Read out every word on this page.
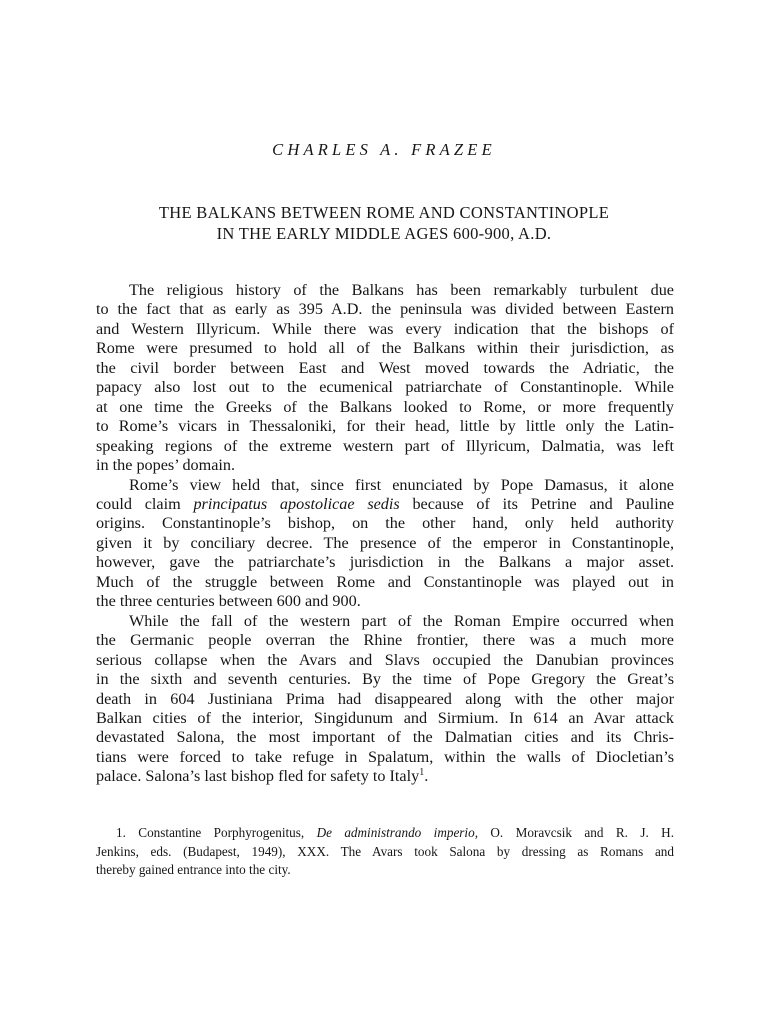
CHARLES A. FRAZEE
THE BALKANS BETWEEN ROME AND CONSTANTINOPLE
IN THE EARLY MIDDLE AGES 600-900, A.D.

The religious history of the Balkans has been remarkably turbulent due
to the fact that as early as 395 A.D. the peninsula was divided between Eastern
and Western Illyricum. While there was every indication that the bishops of
Rome were presumed to hold all of the Balkans within their jurisdiction, as
the civil border between East and West moved towards the Adriatic, the
papacy also lost out to the ecumenical patriarchate of Constantinople. While
at one time the Greeks of the Balkans looked to Rome, or more frequently
to Rome’s vicars in Thessaloniki, for their head, little by little only the Latin-
speaking regions of the extreme western part of Illyricum, Dalmatia, was left
in the popes’ domain.

Rome’s view held that, since first enunciated by Pope Damasus, it alone
could claim principatus apostolicae sedis because of its Petrine and Pauline
origins. Constantinople’s bishop, on the other hand, only held authority
given it by conciliary decree. The presence of the emperor in Constantinople,
however, gave the patriarchate’s jurisdiction in the Balkans a major asset.
Much of the struggle between Rome and Constantinople was played out in
the three centuries between 600 and 900.

While the fall of the western part of the Roman Empire occurred when
the Germanic people overran the Rhine frontier, there was a much more
serious collapse when the Avars and Slavs occupied the Danubian provinces
in the sixth and seventh centuries. By the time of Pope Gregory the Great’s
death in 604 Justiniana Prima had disappeared along with the other major
Balkan cities of the interior, Singidunum and Sirmium. In 614 an Avar attack
devastated Salona, the most important of the Dalmatian cities and its Chris-
tians were forced to take refuge in Spalatum, within the walls of Diocletian’s
palace. Salona’s last bishop fled for safety to Italy$^1$.

1. Constantine Porphyrogenitus, De administrando imperio, O. Moravcsik and R. J. H.
Jenkins, eds. (Budapest, 1949), XXX. The Avars took Salona by dressing as Romans and
thereby gained entrance into the city.
